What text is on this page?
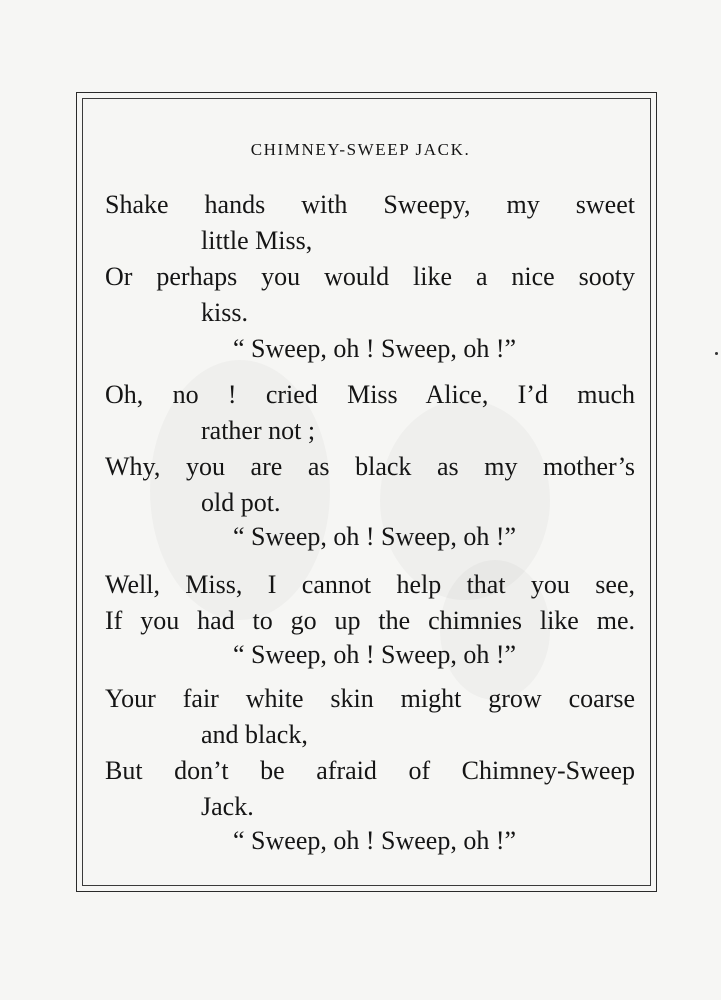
CHIMNEY-SWEEP JACK.
Shake hands with Sweepy, my sweet
little Miss,
Or perhaps you would like a nice sooty
kiss.
“ Sweep, oh ! Sweep, oh !”
Oh, no ! cried Miss Alice, I’d much
rather not ;
Why, you are as black as my mother’s
old pot.
“ Sweep, oh ! Sweep, oh !”
Well, Miss, I cannot help that you see,
If you had to go up the chimnies like me.
“ Sweep, oh ! Sweep, oh !”
Your fair white skin might grow coarse
and black,
But don’t be afraid of Chimney-Sweep
Jack.
“ Sweep, oh ! Sweep, oh !”
